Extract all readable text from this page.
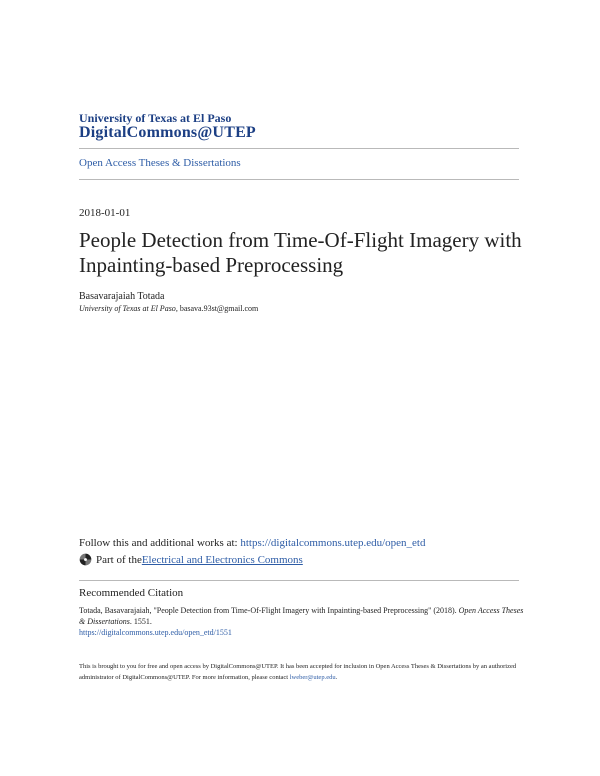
University of Texas at El Paso
DigitalCommons@UTEP
Open Access Theses & Dissertations
2018-01-01
People Detection from Time-Of-Flight Imagery with Inpainting-based Preprocessing
Basavarajaiah Totada
University of Texas at El Paso, basava.93st@gmail.com
Follow this and additional works at: https://digitalcommons.utep.edu/open_etd
Part of the Electrical and Electronics Commons
Recommended Citation
Totada, Basavarajaiah, "People Detection from Time-Of-Flight Imagery with Inpainting-based Preprocessing" (2018). Open Access Theses & Dissertations. 1551.
https://digitalcommons.utep.edu/open_etd/1551
This is brought to you for free and open access by DigitalCommons@UTEP. It has been accepted for inclusion in Open Access Theses & Dissertations by an authorized administrator of DigitalCommons@UTEP. For more information, please contact lweber@utep.edu.
